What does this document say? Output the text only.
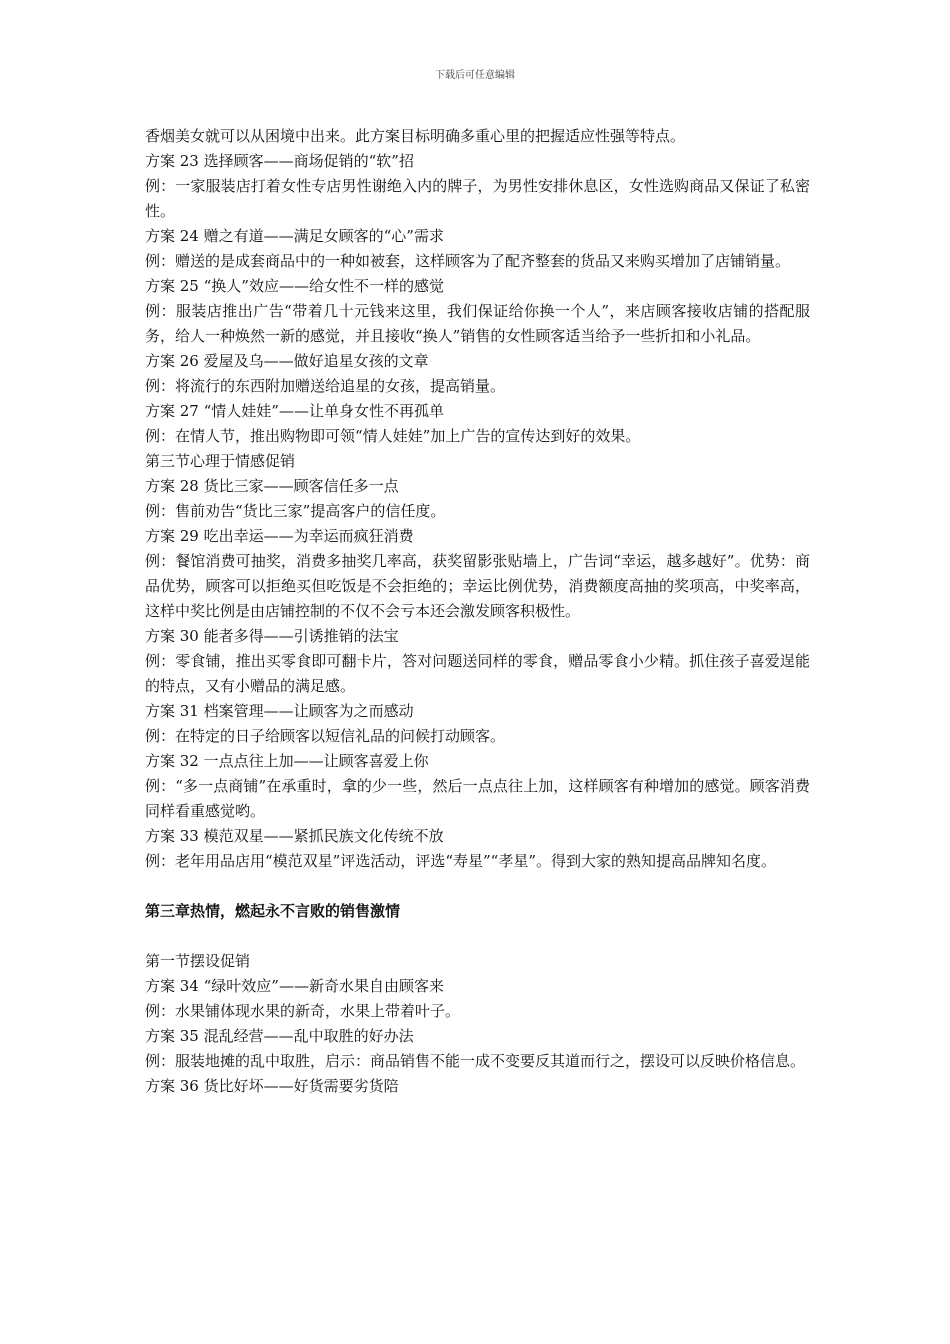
下载后可任意编辑

香烟美女就可以从困境中出来。此方案目标明确多重心里的把握适应性强等特点。

方案 23 选择顾客——商场促销的“软”招

例：一家服装店打着女性专店男性谢绝入内的牌子，为男性安排休息区，女性选购商品又保证了私密性。

方案 24 赠之有道——满足女顾客的“心”需求

例：赠送的是成套商品中的一种如被套，这样顾客为了配齐整套的货品又来购买增加了店铺销量。

方案 25 “换人”效应——给女性不一样的感觉

例：服装店推出广告“带着几十元钱来这里，我们保证给你换一个人”，来店顾客接收店铺的搭配服务，给人一种焕然一新的感觉，并且接收“换人”销售的女性顾客适当给予一些折扣和小礼品。

方案 26 爱屋及乌——做好追星女孩的文章

例：将流行的东西附加赠送给追星的女孩，提高销量。

方案 27 “情人娃娃”——让单身女性不再孤单

例：在情人节，推出购物即可领“情人娃娃”加上广告的宣传达到好的效果。

第三节心理于情感促销

方案 28 货比三家——顾客信任多一点

例：售前劝告“货比三家”提高客户的信任度。

方案 29 吃出幸运——为幸运而疯狂消费

例：餐馆消费可抽奖，消费多抽奖几率高，获奖留影张贴墙上，广告词“幸运，越多越好”。优势：商品优势，顾客可以拒绝买但吃饭是不会拒绝的；幸运比例优势，消费额度高抽的奖项高，中奖率高，这样中奖比例是由店铺控制的不仅不会亏本还会激发顾客积极性。

方案 30 能者多得——引诱推销的法宝

例：零食铺，推出买零食即可翻卡片，答对问题送同样的零食，赠品零食小少精。抓住孩子喜爱逞能的特点，又有小赠品的满足感。

方案 31 档案管理——让顾客为之而感动

例：在特定的日子给顾客以短信礼品的问候打动顾客。

方案 32 一点点往上加——让顾客喜爱上你

例：“多一点商铺”在承重时，拿的少一些，然后一点点往上加，这样顾客有种增加的感觉。顾客消费同样看重感觉哟。

方案 33 模范双星——紧抓民族文化传统不放

例：老年用品店用“模范双星”评选活动，评选“寿星”“孝星”。得到大家的熟知提高品牌知名度。

第三章热情，燃起永不言败的销售激情

第一节摆设促销

方案 34 “绿叶效应”——新奇水果自由顾客来

例：水果铺体现水果的新奇，水果上带着叶子。

方案 35 混乱经营——乱中取胜的好办法

例：服装地摊的乱中取胜，启示：商品销售不能一成不变要反其道而行之，摆设可以反映价格信息。

方案 36 货比好坏——好货需要劣货陪
